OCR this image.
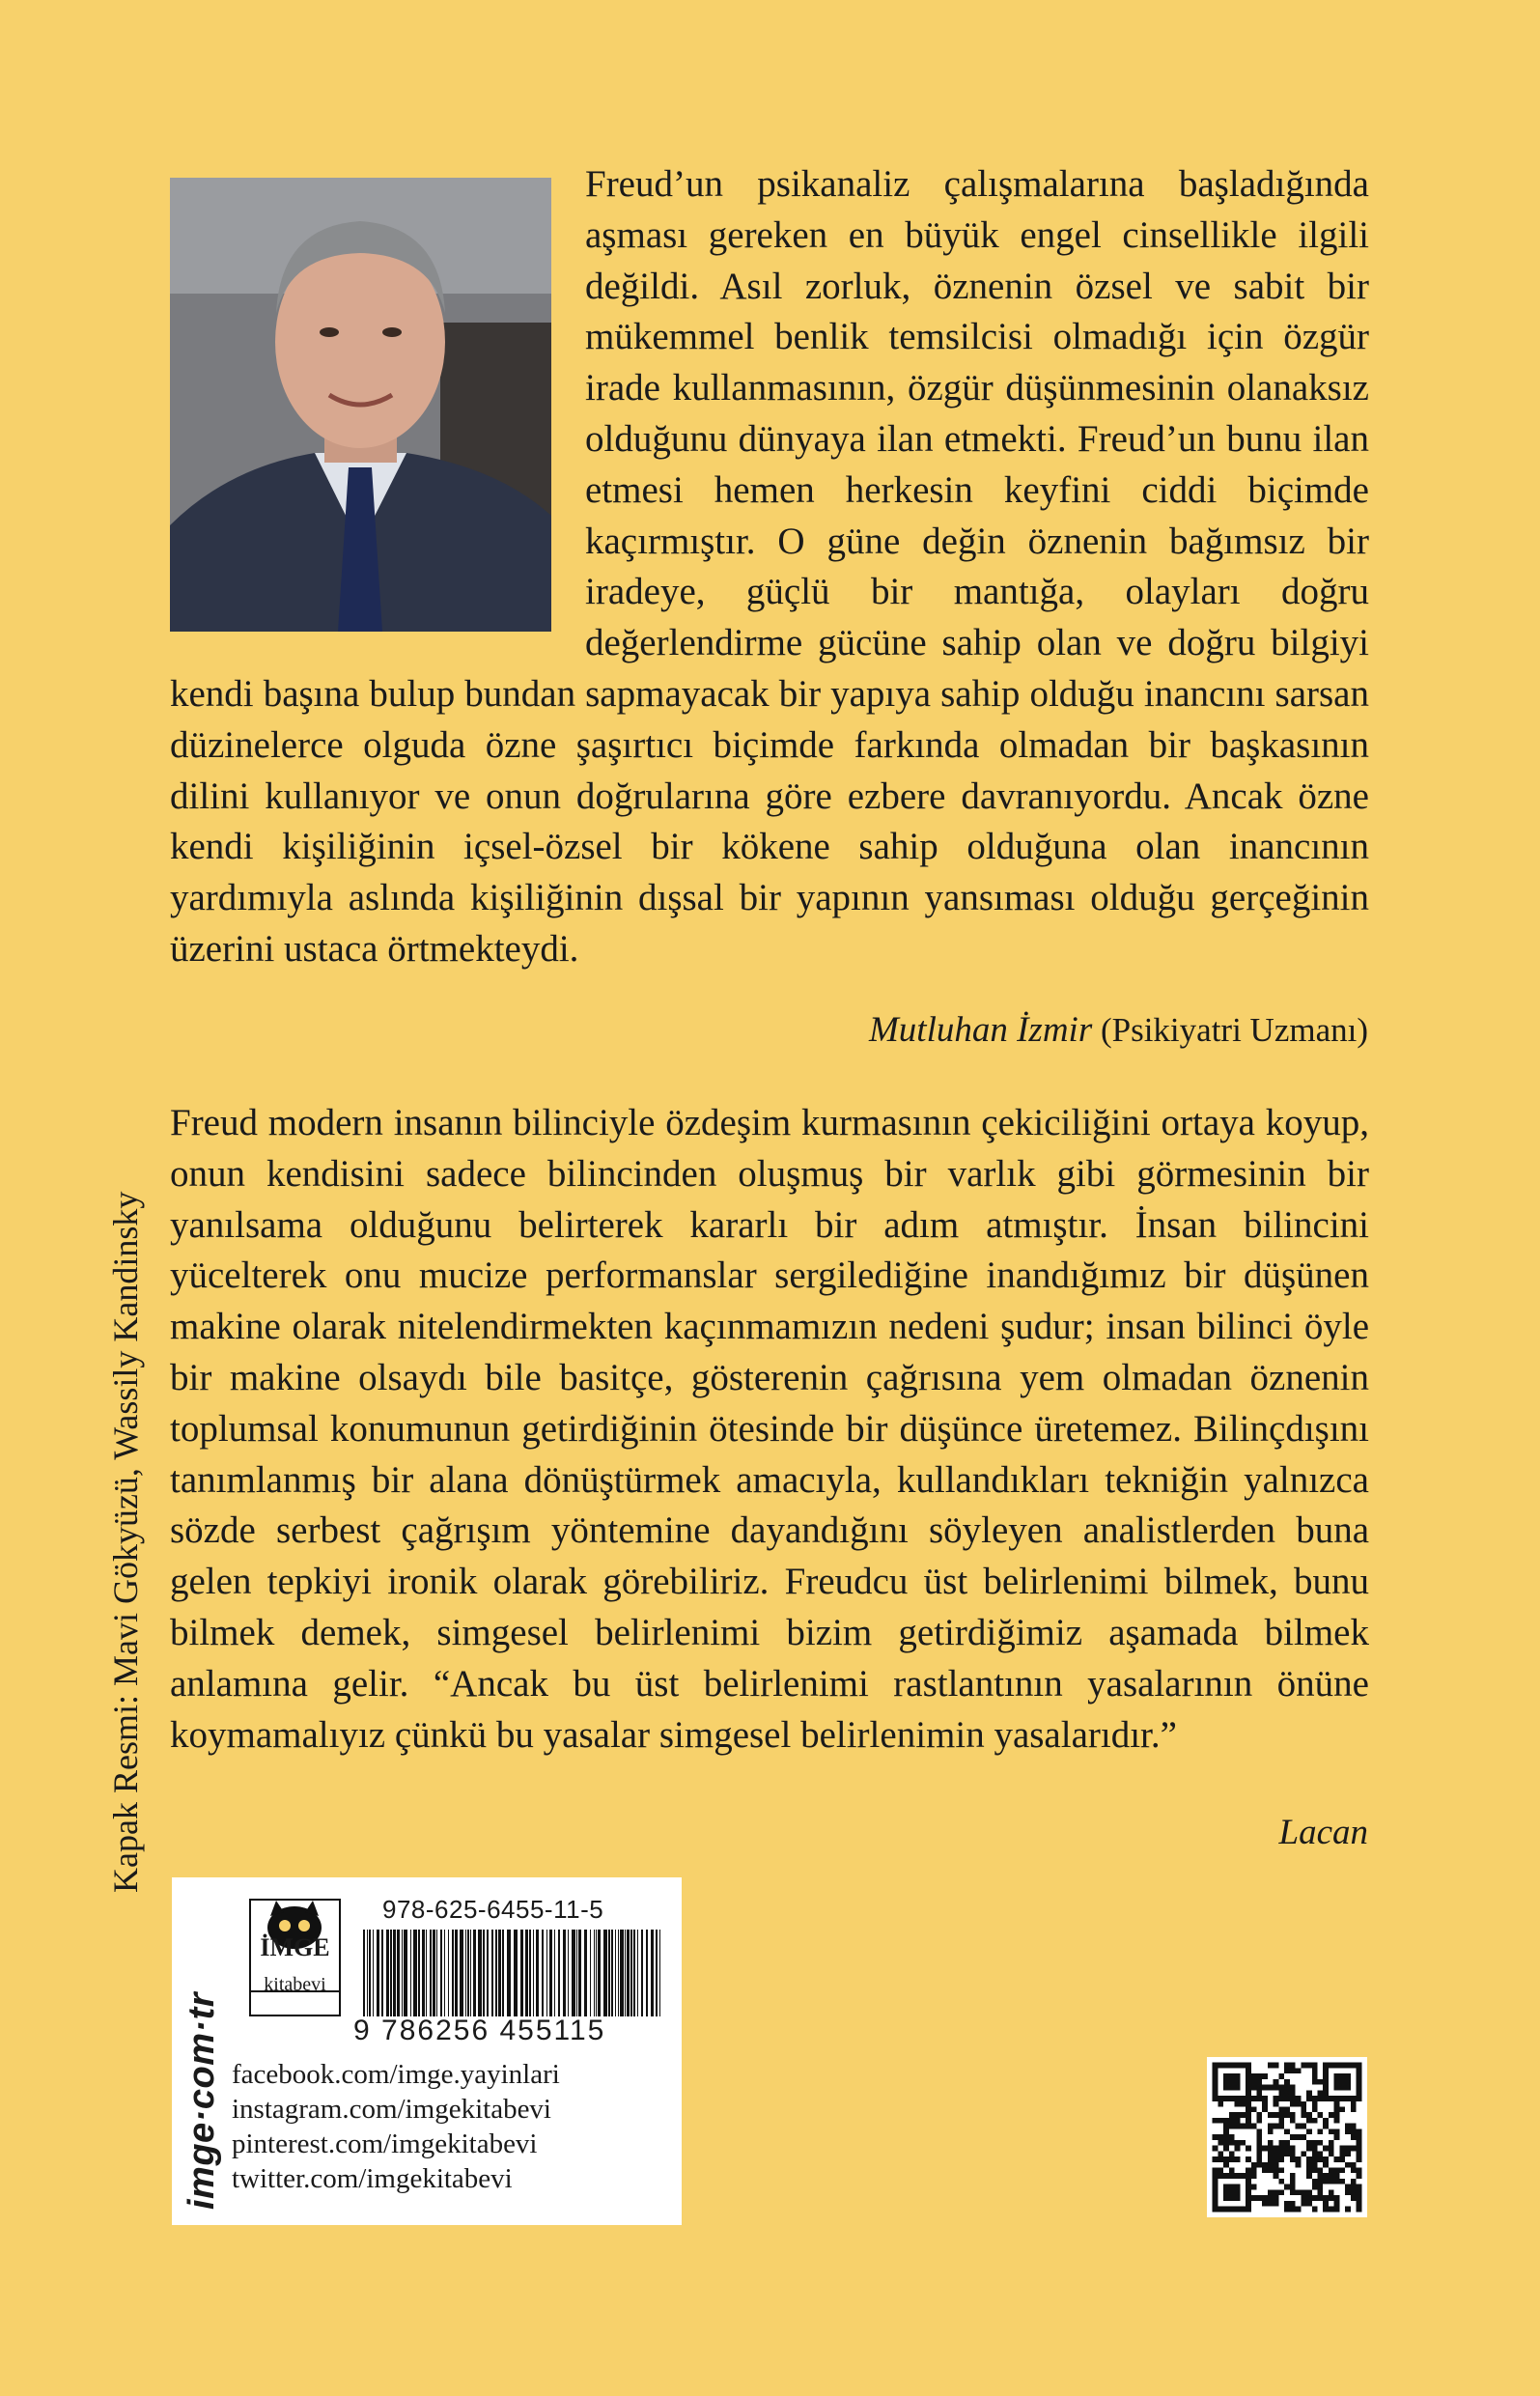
Freud’un psikanaliz çalışmalarına başladığında aşması gereken en büyük engel cinsellikle ilgili değildi. Asıl zorluk, öznenin özsel ve sabit bir mükemmel benlik temsilcisi olmadığı için özgür irade kullanmasının, özgür düşünmesinin olanaksız olduğunu dünyaya ilan etmekti. Freud’un bunu ilan etmesi hemen herkesin keyfini ciddi biçimde kaçırmıştır. O güne değin öznenin bağımsız bir iradeye, güçlü bir mantığa, olayları doğru değerlendirme gücüne sahip olan ve doğru bilgiyi kendi başına bulup bundan sapmayacak bir yapıya sahip olduğu inancını sarsan düzinelerce olguda özne şaşırtıcı biçimde farkında olmadan bir başkasının dilini kullanıyor ve onun doğrularına göre ezbere davranıyordu. Ancak özne kendi kişiliğinin içsel-özsel bir kökene sahip olduğuna olan inancının yardımıyla aslında kişiliğinin dışsal bir yapının yansıması olduğu gerçeğinin üzerini ustaca örtmekteydi.

Mutluhan İzmir (Psikiyatri Uzmanı)

Freud modern insanın bilinciyle özdeşim kurmasının çekiciliğini ortaya koyup, onun kendisini sadece bilincinden oluşmuş bir varlık gibi görmesinin bir yanılsama olduğunu belirterek kararlı bir adım atmıştır. İnsan bilincini yücelterek onu mucize performanslar sergilediğine inandığımız bir düşünen makine olarak nitelendirmekten kaçınmamızın nedeni şudur; insan bilinci öyle bir makine olsaydı bile basitçe, gösterenin çağrısına yem olmadan öznenin toplumsal konumunun getirdiğinin ötesinde bir düşünce üretemez. Bilinçdışını tanımlanmış bir alana dönüştürmek amacıyla, kullandıkları tekniğin yalnızca sözde serbest çağrışım yöntemine dayandığını söyleyen analistlerden buna gelen tepkiyi ironik olarak görebiliriz. Freudcu üst belirlenimi bilmek, bunu bilmek demek, simgesel belirlenimi bizim getirdiğimiz aşamada bilmek anlamına gelir. “Ancak bu üst belirlenimi rastlantının yasalarının önüne koymamalıyız çünkü bu yasalar simgesel belirlenimin yasalarıdır.”

Lacan
Kapak Resmi: Mavi Gökyüzü, Wassily Kandinsky
imge·com·tr
İMGE
kitabevi
978-625-6455-11-5
9 786256 455115
facebook.com/imge.yayinlari
instagram.com/imgekitabevi
pinterest.com/imgekitabevi
twitter.com/imgekitabevi
